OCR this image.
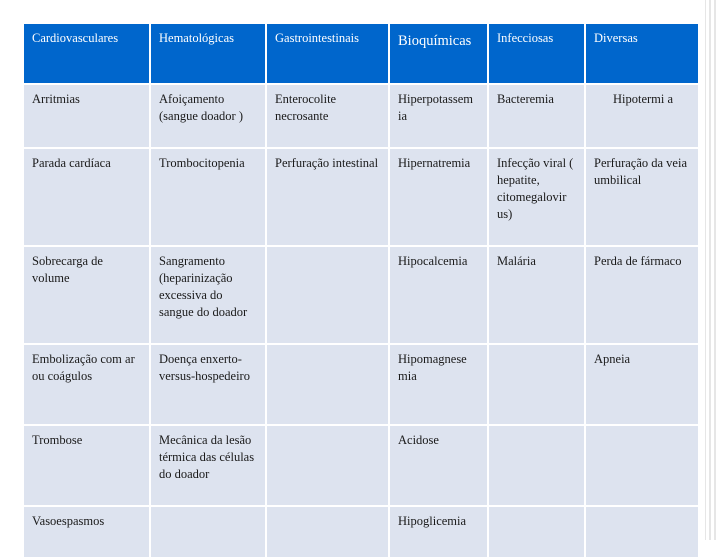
Cardiovasculares	Hematológicas	Gastrointestinais	Bioquímicas	Infecciosas	Diversas
Arritmias	Afoiçamento (sangue doador )	Enterocolite necrosante	Hiperpotassem ia	Bacteremia	Hipotermi a
Parada cardíaca	Trombocitopenia	Perfuração intestinal	Hipernatremia	Infecção viral ( hepatite, citomegalovir us)	Perfuração da veia umbilical
Sobrecarga de volume	Sangramento (heparinização excessiva do sangue do doador		Hipocalcemia	Malária	Perda de fármaco
Embolização com ar ou coágulos	Doença enxerto-versus-hospedeiro		Hipomagnese mia		Apneia
Trombose	Mecânica da lesão térmica das células do doador		Acidose		
Vasoespasmos			Hipoglicemia		
